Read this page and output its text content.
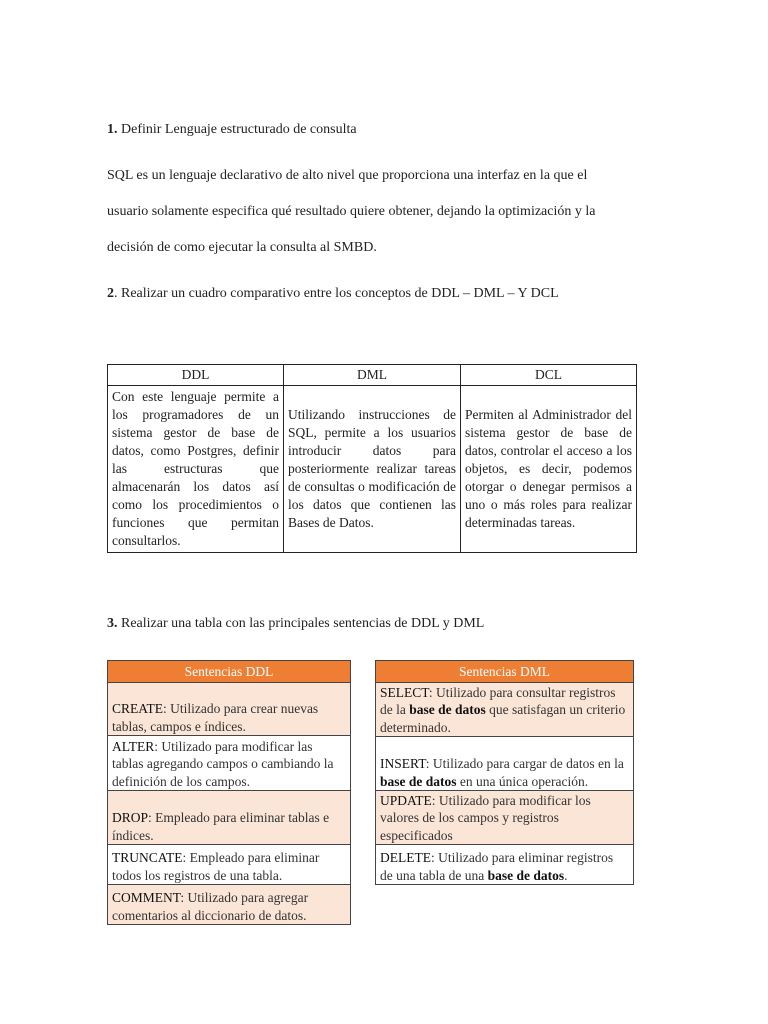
1. Definir Lenguaje estructurado de consulta
SQL es un lenguaje declarativo de alto nivel que proporciona una interfaz en la que el
usuario solamente especifica qué resultado quiere obtener, dejando la optimización y la
decisión de como ejecutar la consulta al SMBD.
2. Realizar un cuadro comparativo entre los conceptos de DDL – DML – Y DCL
DDL	DML	DCL
Con este lenguaje permite a los programadores de un sistema gestor de base de datos, como Postgres, definir las estructuras que almacenarán los datos así como los procedimientos o funciones que permitan consultarlos.	Utilizando instrucciones de SQL, permite a los usuarios introducir datos para posteriormente realizar tareas de consultas o modificación de los datos que contienen las Bases de Datos.	Permiten al Administrador del sistema gestor de base de datos, controlar el acceso a los objetos, es decir, podemos otorgar o denegar permisos a uno o más roles para realizar determinadas tareas.
3. Realizar una tabla con las principales sentencias de DDL y DML
Sentencias DDL
CREATE: Utilizado para crear nuevas tablas, campos e índices.
ALTER: Utilizado para modificar las tablas agregando campos o cambiando la definición de los campos.
DROP: Empleado para eliminar tablas e índices.
TRUNCATE: Empleado para eliminar todos los registros de una tabla.
COMMENT: Utilizado para agregar comentarios al diccionario de datos.
Sentencias DML
SELECT: Utilizado para consultar registros de la base de datos que satisfagan un criterio determinado.
INSERT: Utilizado para cargar de datos en la base de datos en una única operación.
UPDATE: Utilizado para modificar los valores de los campos y registros especificados
DELETE: Utilizado para eliminar registros de una tabla de una base de datos.
